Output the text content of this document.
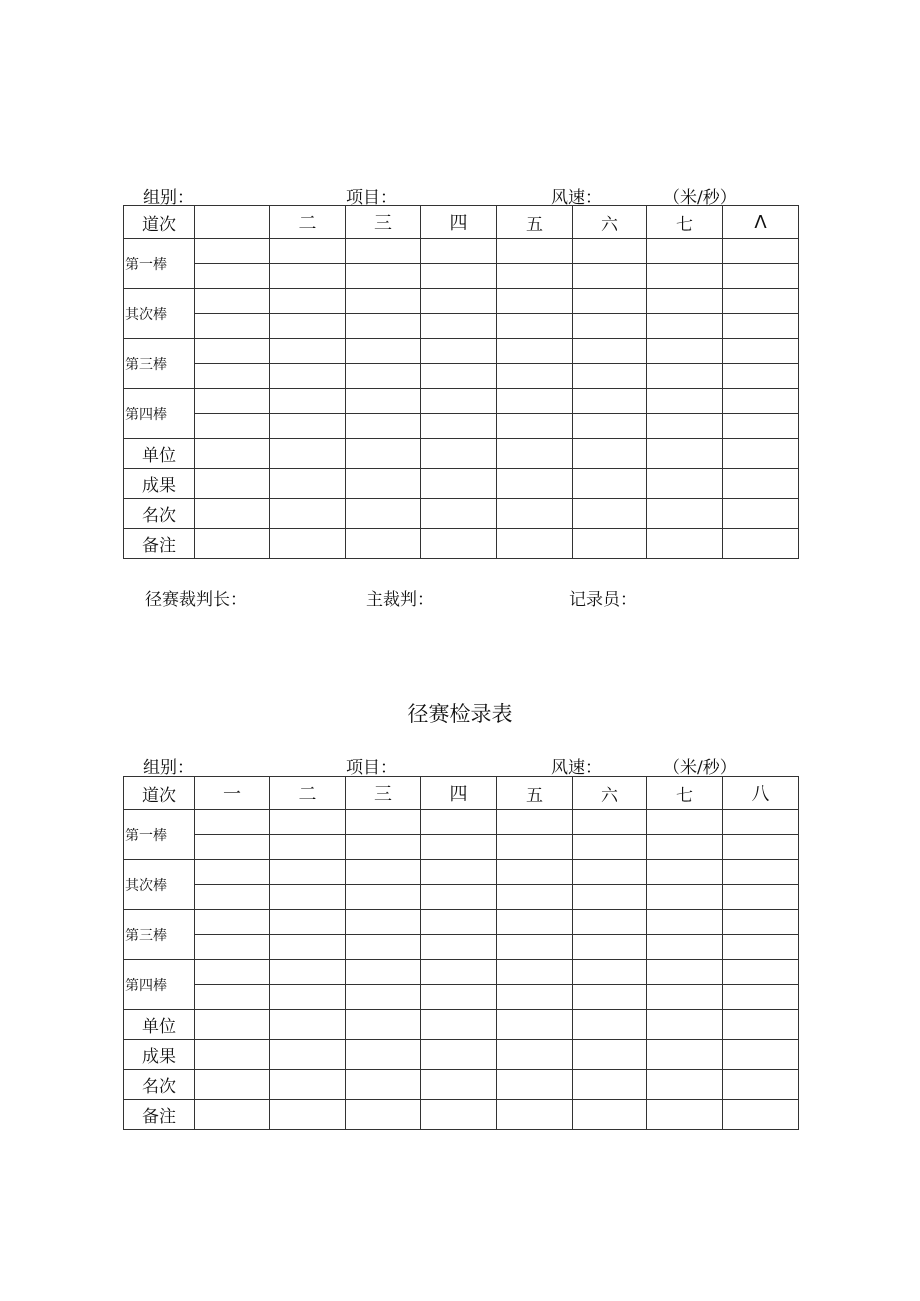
组别：	项目：	风速：	（米/秒）
道次		二	三	四	五	六	七	Λ
第一棒								

其次棒								

第三棒								

第四棒								

单位								
成果								
名次								
备注								
径赛裁判长：	主裁判：	记录员：
径赛检录表
组别：	项目：	风速：	（米/秒）
道次	一	二	三	四	五	六	七	八
第一棒								

其次棒								

第三棒								

第四棒								

单位								
成果								
名次								
备注								
